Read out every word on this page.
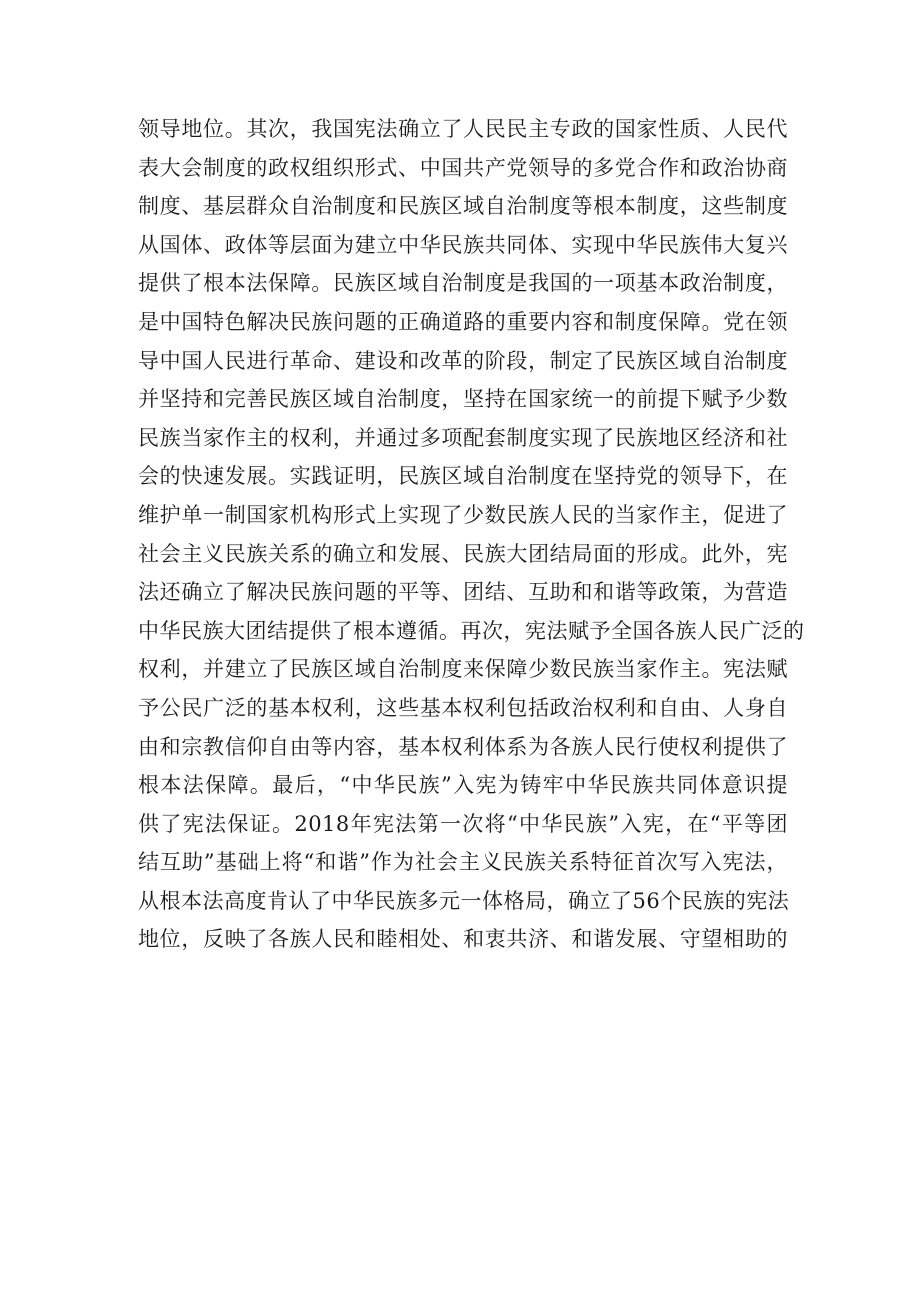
领导地位。其次，我国宪法确立了人民民主专政的国家性质、人民代
表大会制度的政权组织形式、中国共产党领导的多党合作和政治协商
制度、基层群众自治制度和民族区域自治制度等根本制度，这些制度
从国体、政体等层面为建立中华民族共同体、实现中华民族伟大复兴
提供了根本法保障。民族区域自治制度是我国的一项基本政治制度，
是中国特色解决民族问题的正确道路的重要内容和制度保障。党在领
导中国人民进行革命、建设和改革的阶段，制定了民族区域自治制度
并坚持和完善民族区域自治制度，坚持在国家统一的前提下赋予少数
民族当家作主的权利，并通过多项配套制度实现了民族地区经济和社
会的快速发展。实践证明，民族区域自治制度在坚持党的领导下，在
维护单一制国家机构形式上实现了少数民族人民的当家作主，促进了
社会主义民族关系的确立和发展、民族大团结局面的形成。此外，宪
法还确立了解决民族问题的平等、团结、互助和和谐等政策，为营造
中华民族大团结提供了根本遵循。再次，宪法赋予全国各族人民广泛的
权利，并建立了民族区域自治制度来保障少数民族当家作主。宪法赋
予公民广泛的基本权利，这些基本权利包括政治权利和自由、人身自
由和宗教信仰自由等内容，基本权利体系为各族人民行使权利提供了
根本法保障。最后，“中华民族”入宪为铸牢中华民族共同体意识提
供了宪法保证。2018年宪法第一次将“中华民族”入宪，在“平等团
结互助”基础上将“和谐”作为社会主义民族关系特征首次写入宪法，
从根本法高度肯认了中华民族多元一体格局，确立了56个民族的宪法
地位，反映了各族人民和睦相处、和衷共济、和谐发展、守望相助的
